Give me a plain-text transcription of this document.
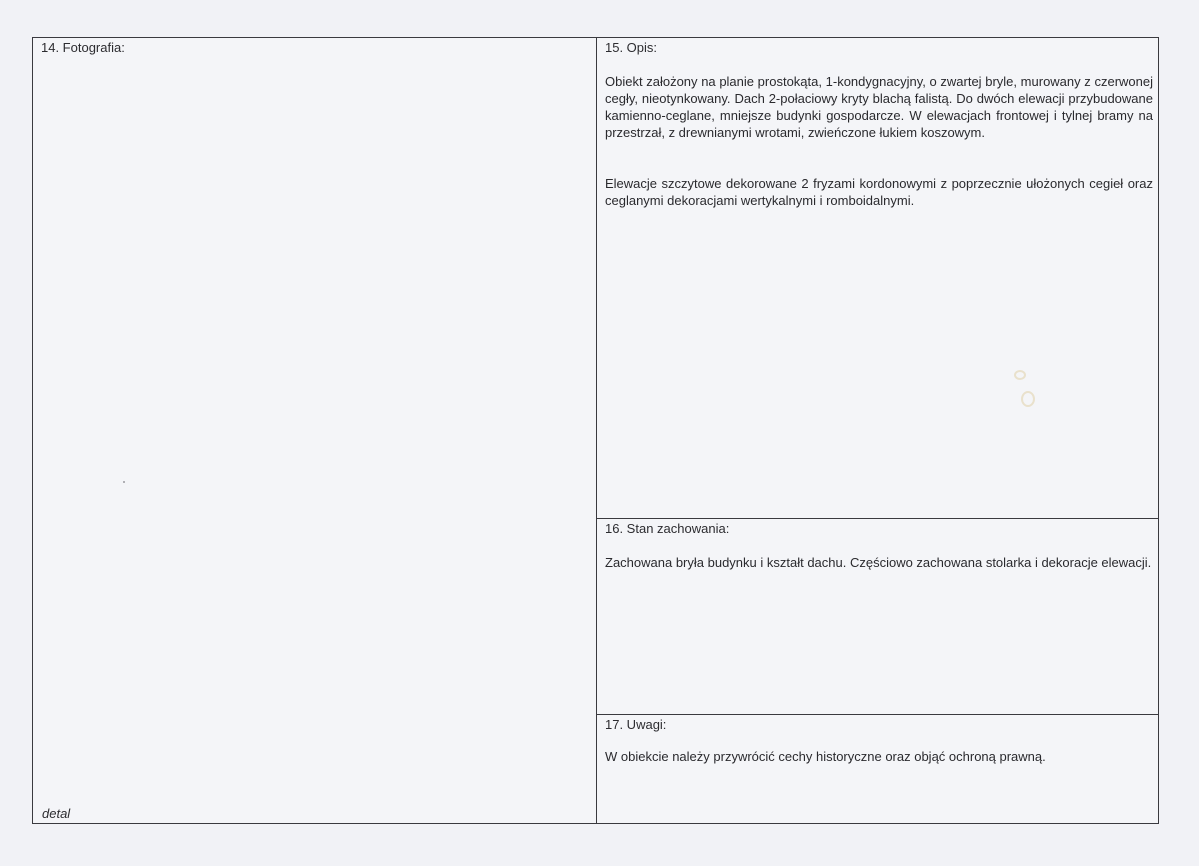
14. Fotografia:
detal
15. Opis:

Obiekt założony na planie prostokąta, 1-kondygnacyjny, o zwartej bryle, murowany z czerwonej cegły, nieotynkowany. Dach 2-połaciowy kryty blachą falistą. Do dwóch elewacji przybudowane kamienno-ceglane, mniejsze budynki gospodarcze. W elewacjach frontowej i tylnej bramy na przestrzał, z drewnianymi wrotami, zwieńczone łukiem koszowym.

Elewacje szczytowe dekorowane 2 fryzami kordonowymi z poprzecznie ułożonych cegieł oraz ceglanymi dekoracjami wertykalnymi i romboidalnymi.

16. Stan zachowania:

Zachowana bryła budynku i kształt dachu. Częściowo zachowana stolarka i dekoracje elewacji.

17. Uwagi:

W obiekcie należy przywrócić cechy historyczne oraz objąć ochroną prawną.
